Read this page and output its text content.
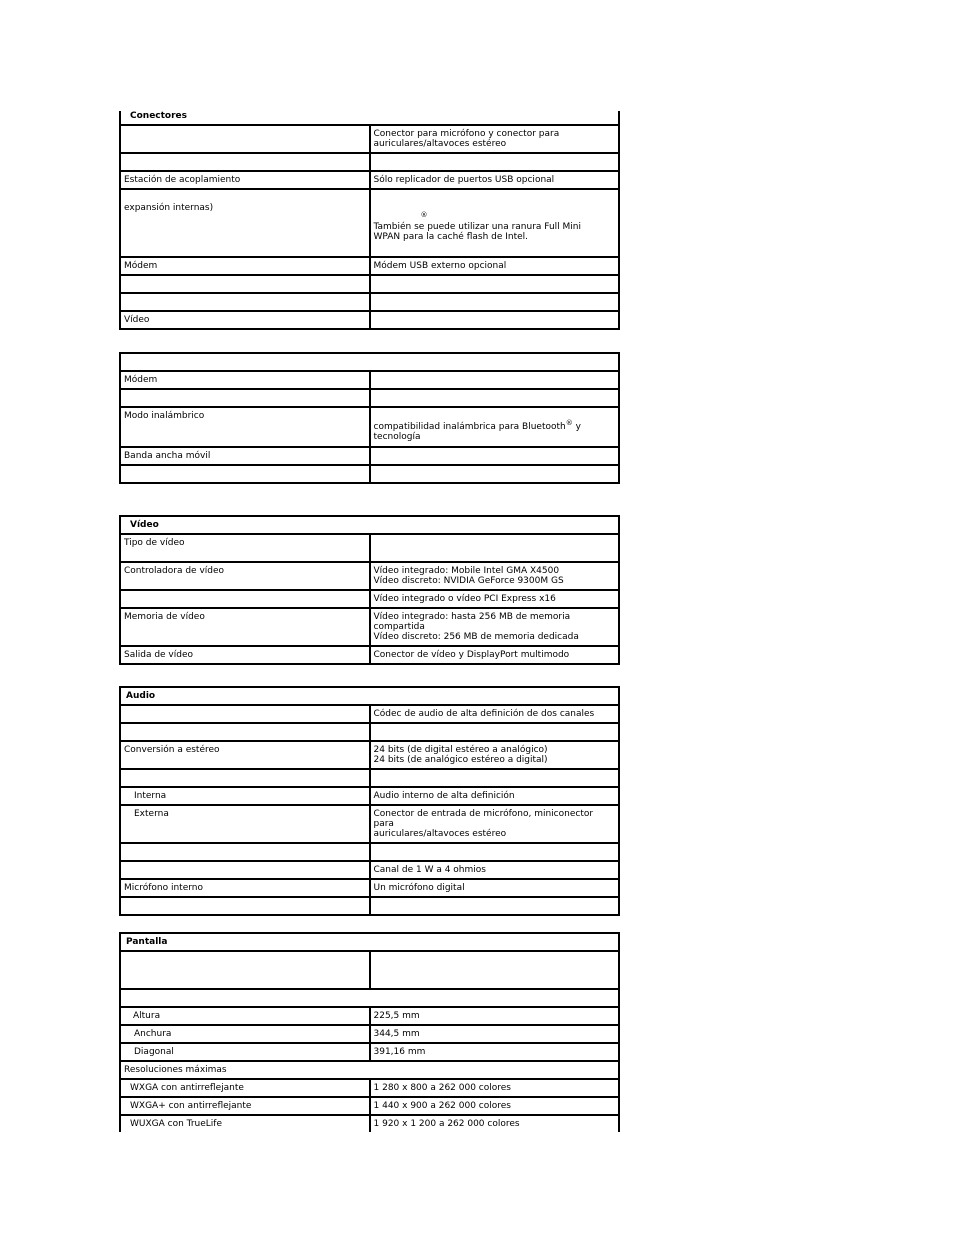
Conectores	
	Conector para micrófono y conector para
auriculares/altavoces estéreo

Estación de acoplamiento	Sólo replicador de puertos USB opcional
expansión internas)	®
También se puede utilizar una ranura Full Mini
WPAN para la caché flash de Intel.

Módem	Módem USB externo opcional

Vídeo	

Módem	

Modo inalámbrico	compatibilidad inalámbrica para Bluetooth® y tecnología
Banda ancha móvil	

Vídeo	
Tipo de vídeo	
Controladora de vídeo	Vídeo integrado: Mobile Intel GMA X4500
Vídeo discreto: NVIDIA GeForce 9300M GS
	Vídeo integrado o vídeo PCI Express x16
Memoria de vídeo	Vídeo integrado: hasta 256 MB de memoria compartida
Vídeo discreto: 256 MB de memoria dedicada
Salida de vídeo	Conector de vídeo y DisplayPort multimodo
Audio	
	Códec de audio de alta definición de dos canales

Conversión a estéreo	24 bits (de digital estéreo a analógico)
24 bits (de analógico estéreo a digital)

Interna	Audio interno de alta definición
Externa	Conector de entrada de micrófono, miniconector para
auriculares/altavoces estéreo

	Canal de 1 W a 4 ohmios
Micrófono interno	Un micrófono digital

Pantalla	

Altura	225,5 mm
Anchura	344,5 mm
Diagonal	391,16 mm
Resoluciones máximas	
WXGA con antirreflejante	1 280 x 800 a 262 000 colores
WXGA+ con antirreflejante	1 440 x 900 a 262 000 colores
WUXGA con TrueLife	1 920 x 1 200 a 262 000 colores
